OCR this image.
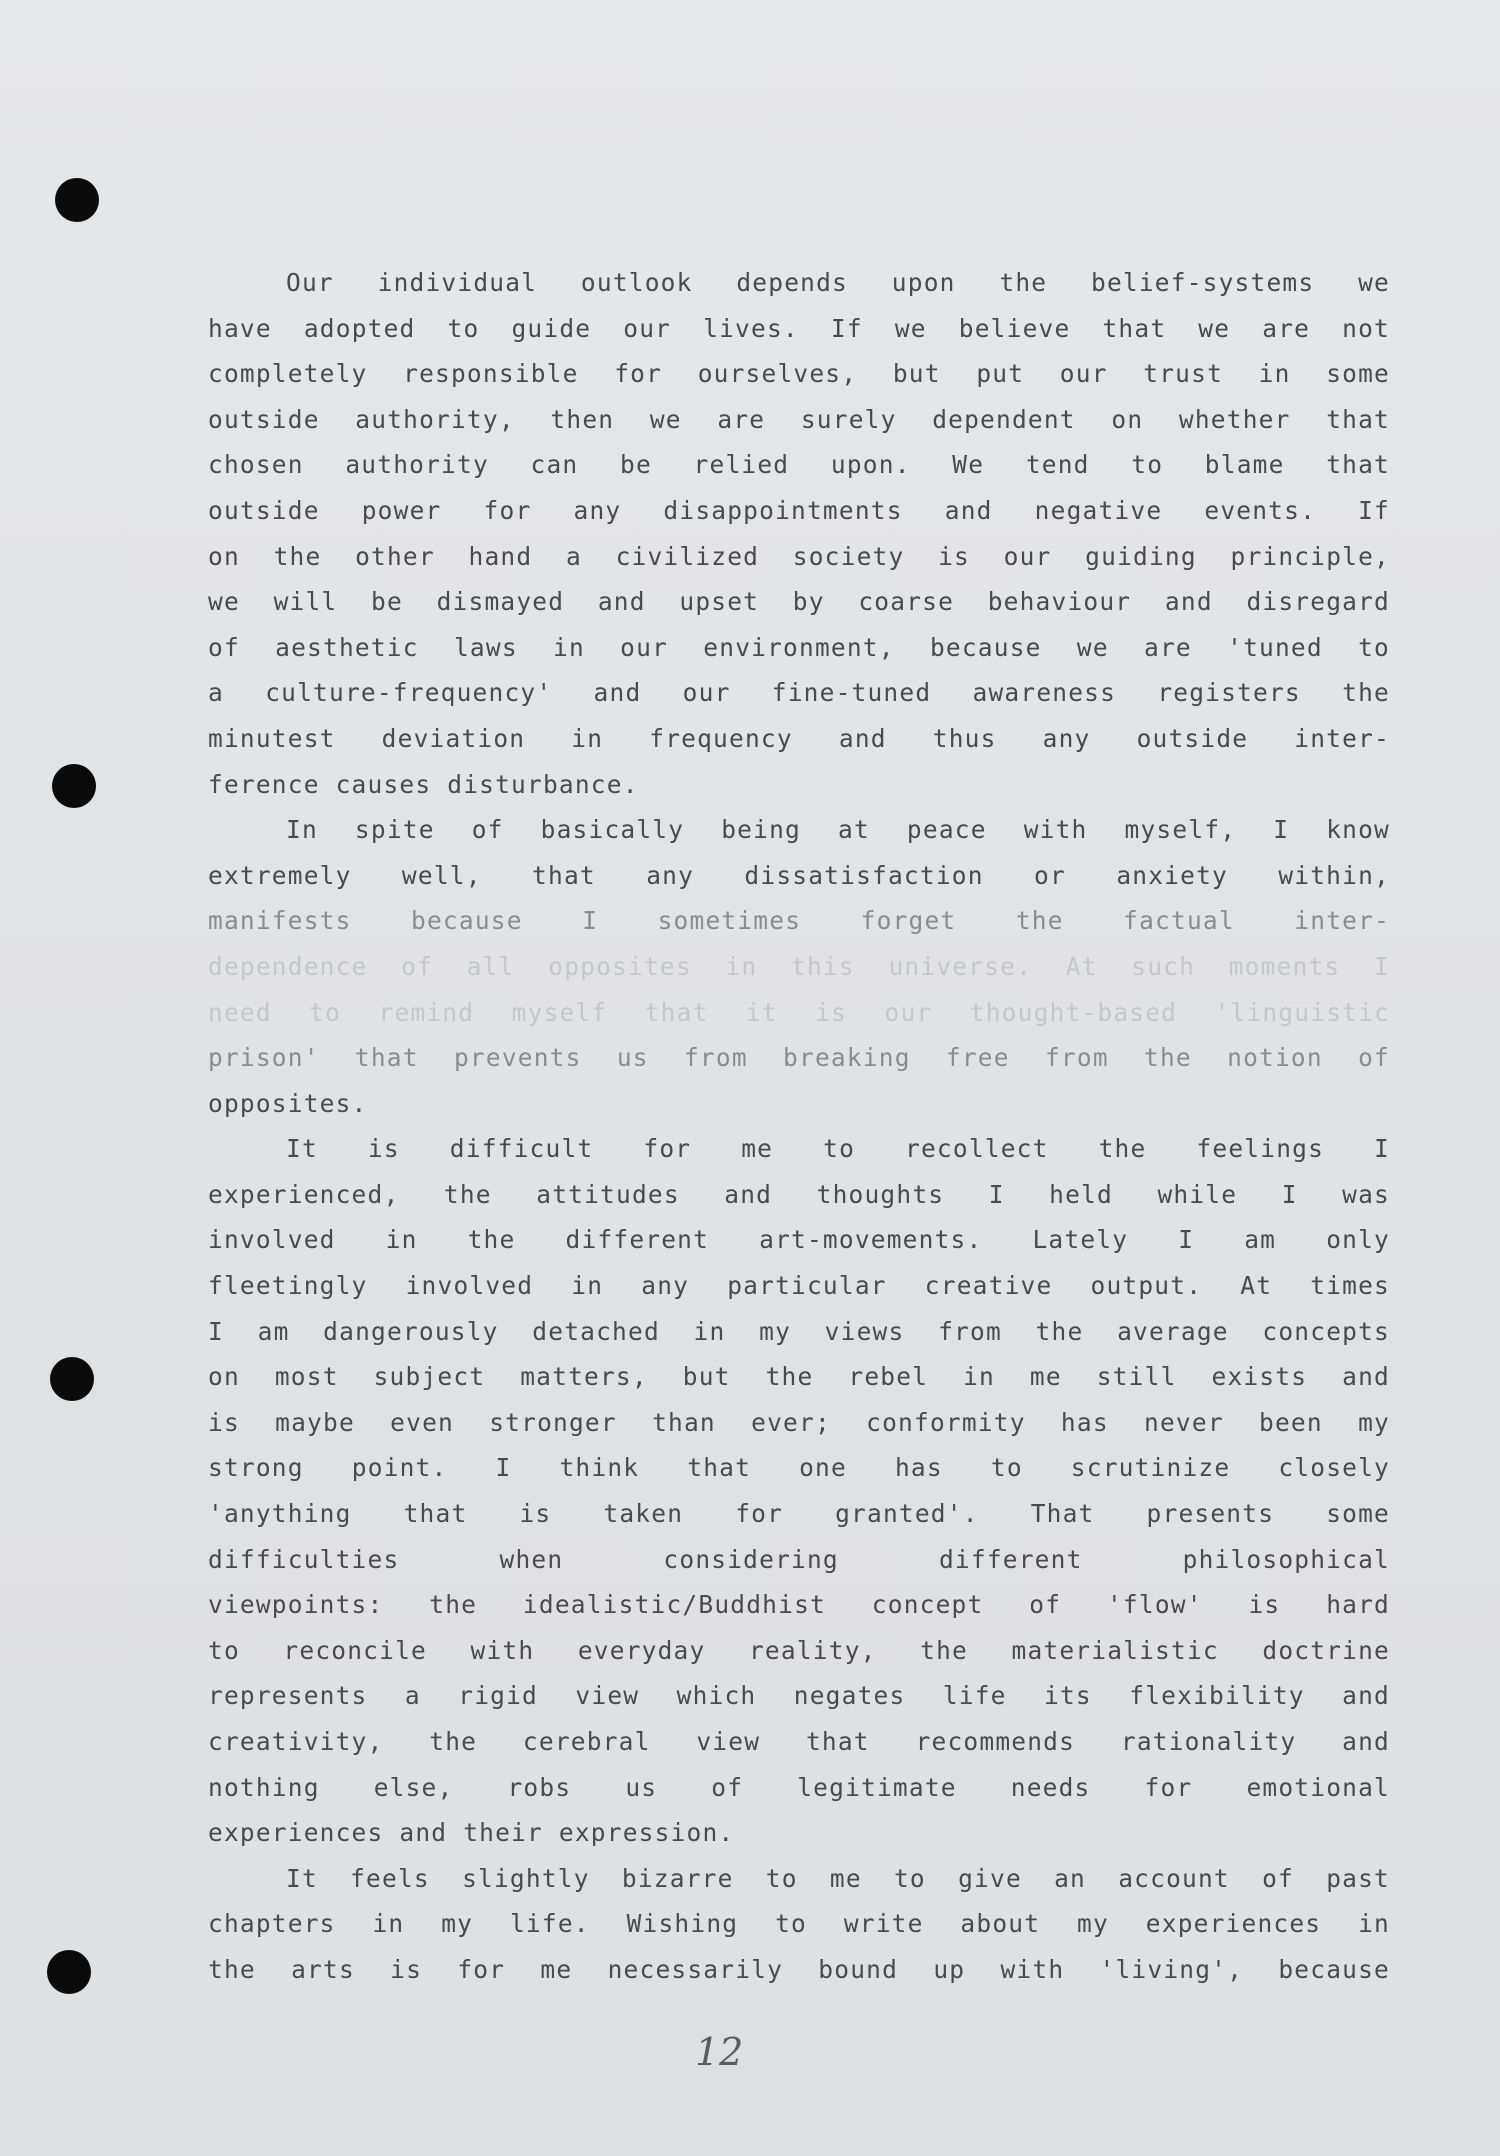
Our individual outlook depends upon the belief-systems we
have adopted to guide our lives. If we believe that we are not
completely responsible for ourselves, but put our trust in some
outside authority, then we are surely dependent on whether that
chosen authority can be relied upon. We tend to blame that
outside power for any disappointments and negative events. If
on the other hand a civilized society is our guiding principle,
we will be dismayed and upset by coarse behaviour and disregard
of aesthetic laws in our environment, because we are 'tuned to
a culture-frequency' and our fine-tuned awareness registers the
minutest deviation in frequency and thus any outside inter-
ference causes disturbance.
In spite of basically being at peace with myself, I know
extremely well, that any dissatisfaction or anxiety within,
manifests because I sometimes forget the factual inter-
dependence of all opposites in this universe. At such moments I
need to remind myself that it is our thought-based 'linguistic
prison' that prevents us from breaking free from the notion of
opposites.
It is difficult for me to recollect the feelings I
experienced, the attitudes and thoughts I held while I was
involved in the different art-movements. Lately I am only
fleetingly involved in any particular creative output. At times
I am dangerously detached in my views from the average concepts
on most subject matters, but the rebel in me still exists and
is maybe even stronger than ever; conformity has never been my
strong point. I think that one has to scrutinize closely
'anything that is taken for granted'. That presents some
difficulties when considering different philosophical
viewpoints: the idealistic/Buddhist concept of 'flow' is hard
to reconcile with everyday reality, the materialistic doctrine
represents a rigid view which negates life its flexibility and
creativity, the cerebral view that recommends rationality and
nothing else, robs us of legitimate needs for emotional
experiences and their expression.
It feels slightly bizarre to me to give an account of past
chapters in my life. Wishing to write about my experiences in
the arts is for me necessarily bound up with 'living', because
12
